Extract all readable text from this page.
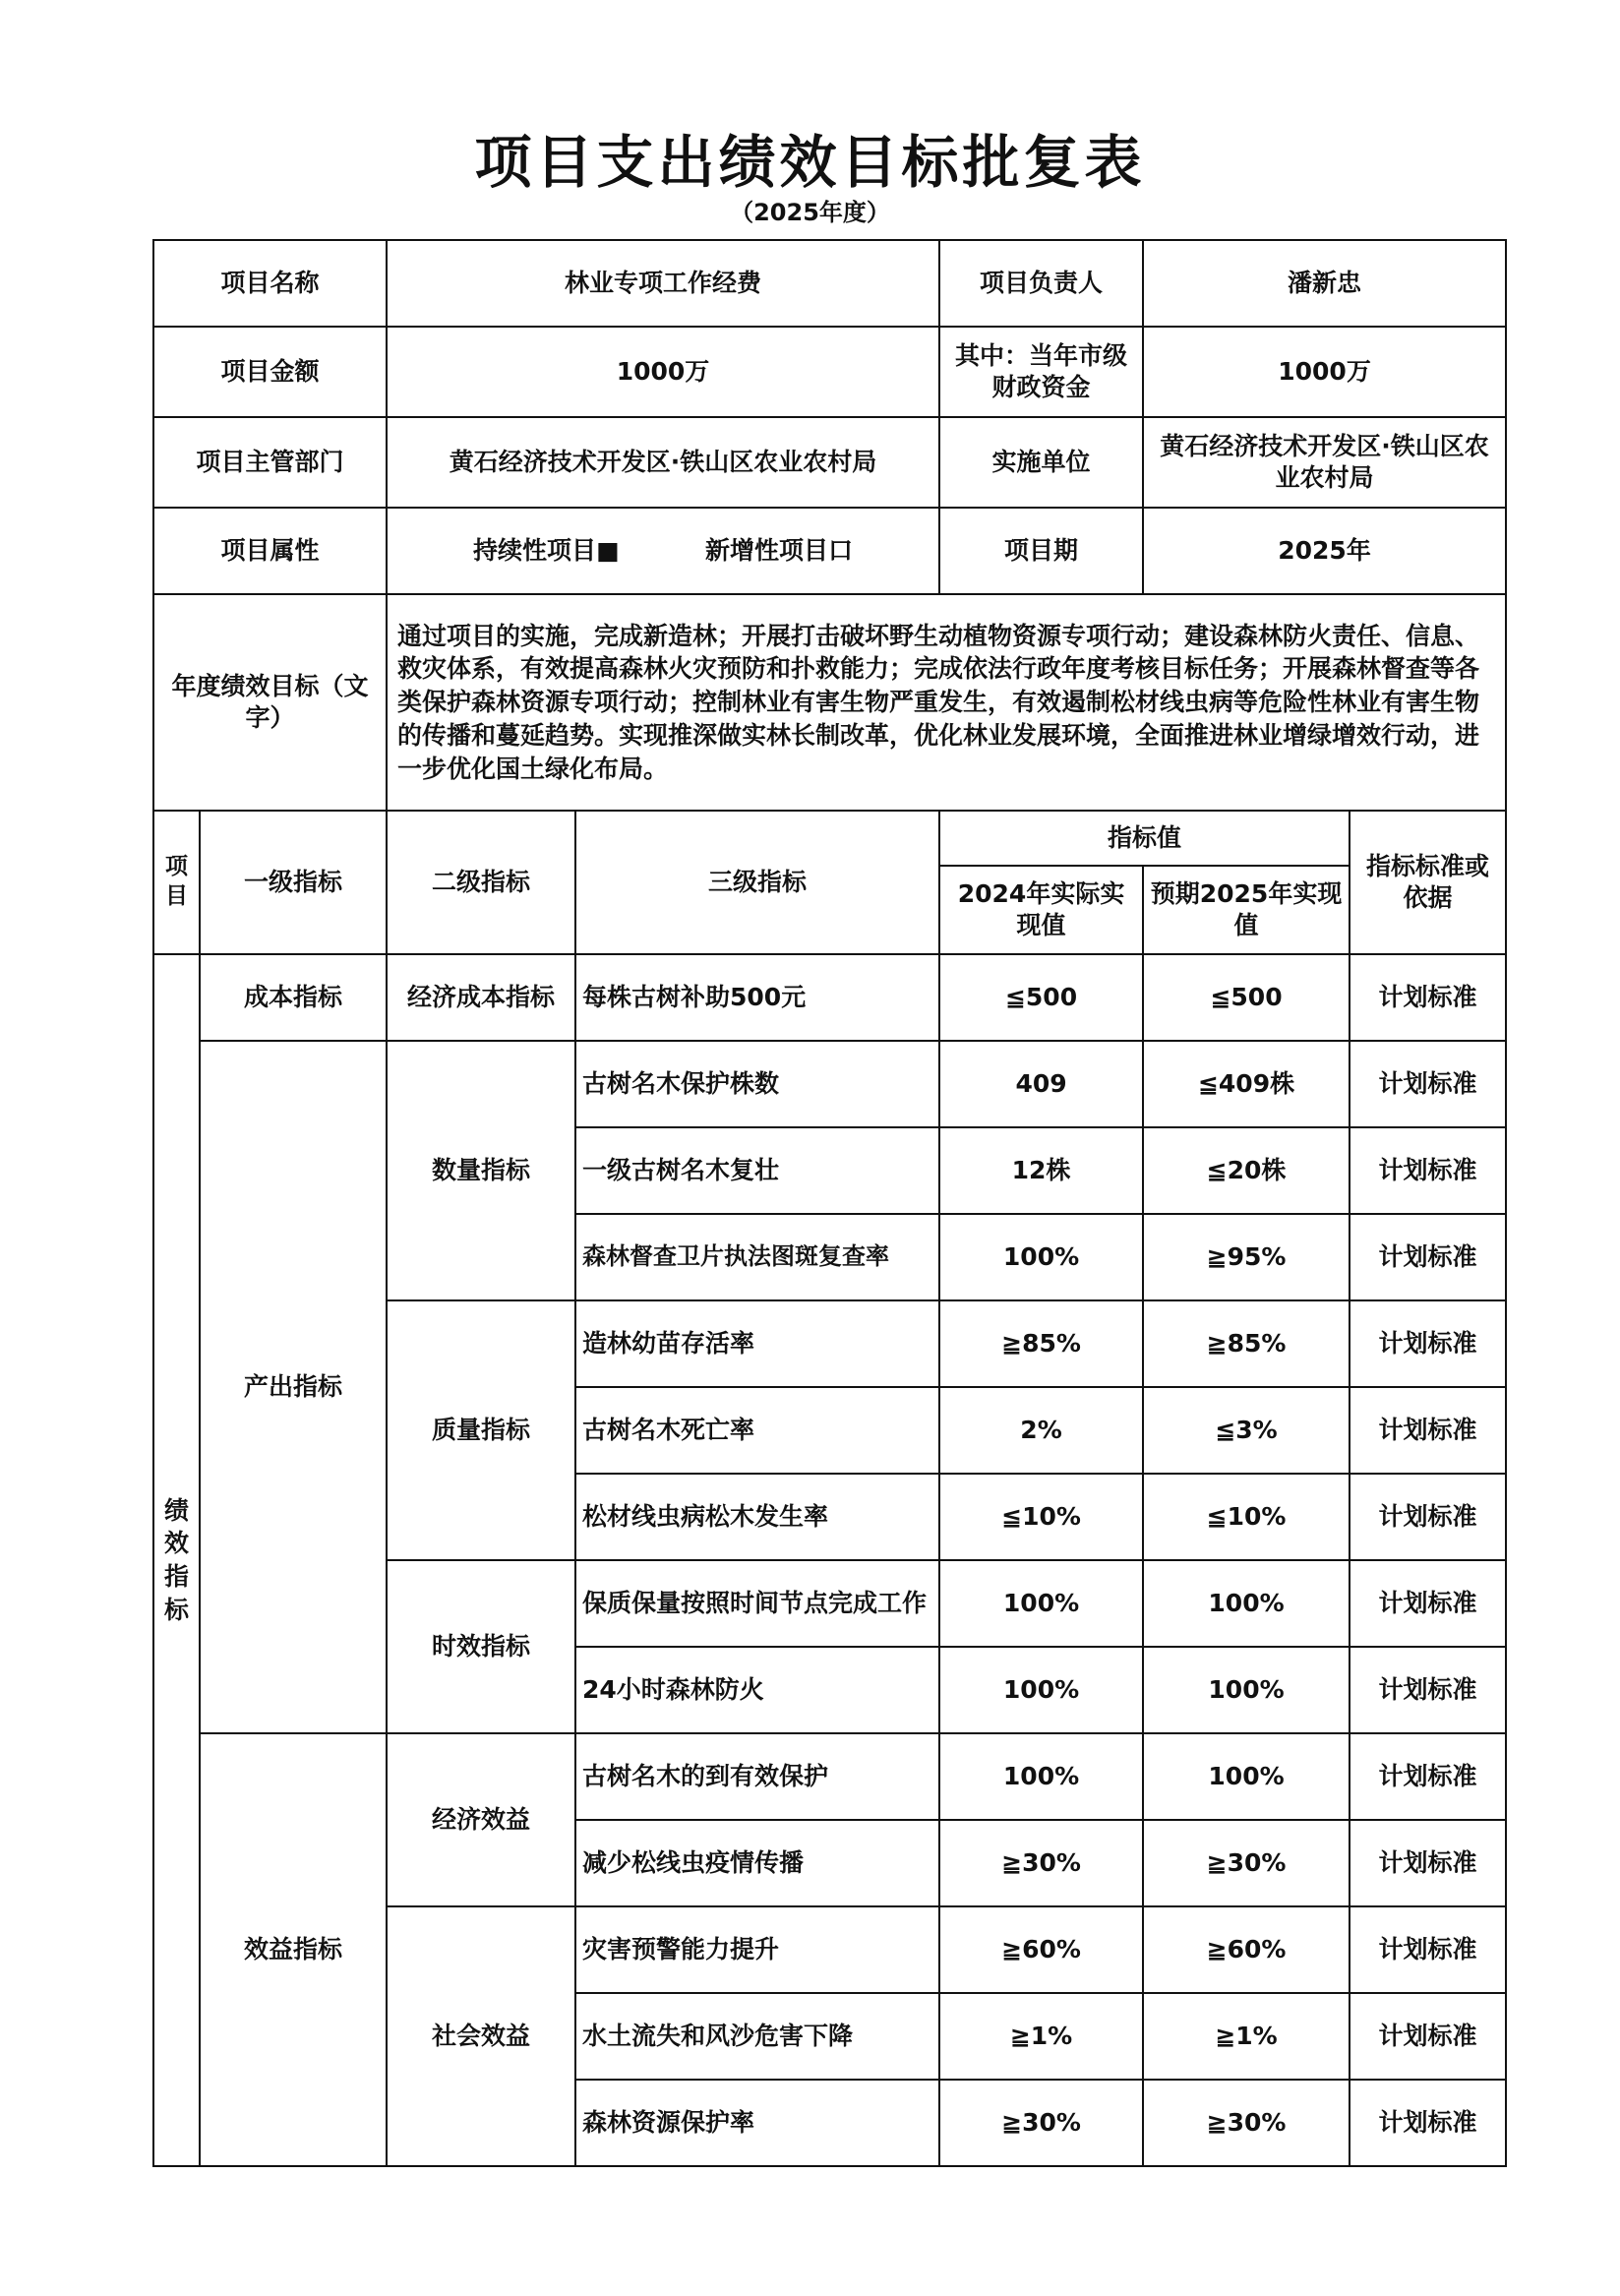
项目支出绩效目标批复表
（2025年度）
项目名称		林业专项工作经费		项目负责人	潘新忠	
项目金额		1000万		其中：当年市级财政资金	1000万	
项目主管部门		黄石经济技术开发区·铁山区农业农村局		实施单位	黄石经济技术开发区·铁山区农业农村局	
项目属性		持续性项目■ 新增性项目口		项目期	2025年	
年度绩效目标（文字）		通过项目的实施，完成新造林；开展打击破坏野生动植物资源专项行动；建设森林防火责任、信息、救灾体系，有效提高森林火灾预防和扑救能力；完成依法行政年度考核目标任务；开展森林督查等各类保护森林资源专项行动；控制林业有害生物严重发生，有效遏制松材线虫病等危险性林业有害生物的传播和蔓延趋势。实现推深做实林长制改革，优化林业发展环境，全面推进林业增绿增效行动，进一步优化国土绿化布局。				
项目	一级指标	二级指标	三级指标	指标值		指标标准或依据
				2024年实际实现值	预期2025年实现值	
绩效指标	成本指标	经济成本指标	每株古树补助500元	≦500	≦500	计划标准
	产出指标	数量指标	古树名木保护株数	409	≦409株	计划标准
			一级古树名木复壮	12株	≦20株	计划标准
			森林督查卫片执法图斑复查率	100%	≧95%	计划标准
		质量指标	造林幼苗存活率	≧85%	≧85%	计划标准
			古树名木死亡率	2%	≦3%	计划标准
			松材线虫病松木发生率	≦10%	≦10%	计划标准
		时效指标	保质保量按照时间节点完成工作	100%	100%	计划标准
			24小时森林防火	100%	100%	计划标准
	效益指标	经济效益	古树名木的到有效保护	100%	100%	计划标准
			减少松线虫疫情传播	≧30%	≧30%	计划标准
		社会效益	灾害预警能力提升	≧60%	≧60%	计划标准
			水土流失和风沙危害下降	≧1%	≧1%	计划标准
			森林资源保护率	≧30%	≧30%	计划标准
